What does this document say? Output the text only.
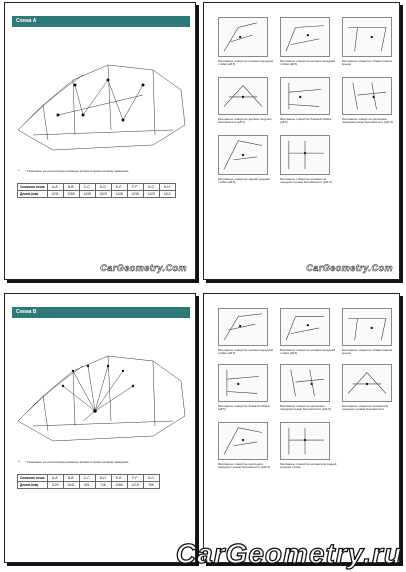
Схема А
* * Указанные на иллюстрации размеры являются фактическими замерами.
Смежная точка	A-A'	B-B'	C-C'	D-D'	E-E'	F-F'	G-G'	H-H'
Длина (мм)	1231	1265	1439	1020	1428	1236	1423	1412
CarGeometry.Com
Монтажное отверстие натяжки передней стойки (ø8.5)
Монтажное отверстие натяжки передней стойки (ø8.5)
Монтажное отверстие обивки панели крыши
Монтажное отверстие датчика подушки безопасности (ø8.5)
Монтажное отверстие боковой обивки (ø8.5)
Монтажное отверстие крепления передней ремня безопасности (ø11.5)
Монтажное отверстие задней средней стойки (ø8.5)
Монтажное отверстие натяжителя переднего ремня безопасности (ø11.5)
CarGeometry.Com
Схема В
* * Указанные на иллюстрации размеры являются фактическими замерами.
Смежная точка	A-A'	B-B'	C-C'	D-D'	E-E'	F-F'	G-G'
Длина (мм)	1120	1041	921	718	1266	1219	765
Монтажное отверстие натяжки передней стойки (ø8.5)
Монтажное отверстие натяжки передней стойки (ø8.5)
Монтажное отверстие обивки панели крыши
Монтажное отверстие боковой обивки (ø8.5)
Монтажное отверстие крепления передней ремня безопасности (ø11.5)
Монтажное отверстие натяжителя переднего ремня безопасности
Монтажное отверстие крепления переднего ремня безопасности (ø11.5)
Монтажное отверстие натяжителя задней средней стойки
CarGeometry.ru
